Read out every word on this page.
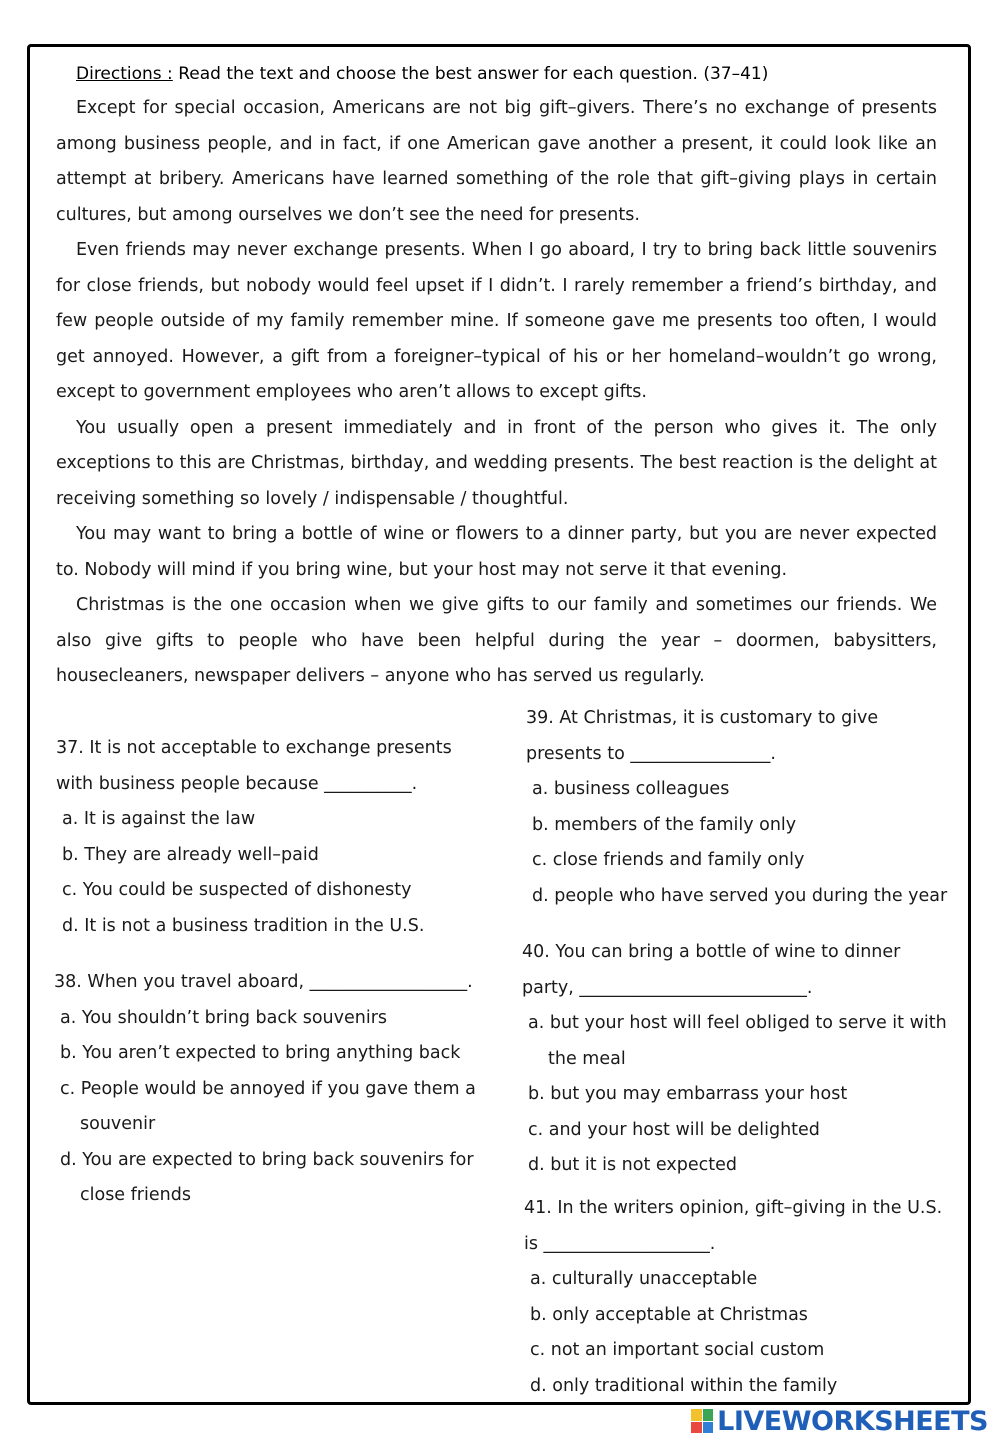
Directions : Read the text and choose the best answer for each question. (37–41)

Except for special occasion, Americans are not big gift–givers. There’s no exchange of presents among business people, and in fact, if one American gave another a present, it could look like an attempt at bribery. Americans have learned something of the role that gift–giving plays in certain cultures, but among ourselves we don’t see the need for presents.

Even friends may never exchange presents. When I go aboard, I try to bring back little souvenirs for close friends, but nobody would feel upset if I didn’t. I rarely remember a friend’s birthday, and few people outside of my family remember mine. If someone gave me presents too often, I would get annoyed. However, a gift from a foreigner–typical of his or her homeland–wouldn’t go wrong, except to government employees who aren’t allows to except gifts.

You usually open a present immediately and in front of the person who gives it. The only exceptions to this are Christmas, birthday, and wedding presents. The best reaction is the delight at receiving something so lovely / indispensable / thoughtful.

You may want to bring a bottle of wine or flowers to a dinner party, but you are never expected to. Nobody will mind if you bring wine, but your host may not serve it that evening.

Christmas is the one occasion when we give gifts to our family and sometimes our friends. We also give gifts to people who have been helpful during the year – doormen, babysitters, housecleaners, newspaper delivers – anyone who has served us regularly.

37. It is not acceptable to exchange presents with business people because __________.

a. It is against the law

b. They are already well–paid

c. You could be suspected of dishonesty

d. It is not a business tradition in the U.S.

38. When you travel aboard, __________________.

a. You shouldn’t bring back souvenirs

b. You aren’t expected to bring anything back

c. People would be annoyed if you gave them a souvenir

d. You are expected to bring back souvenirs for close friends

39. At Christmas, it is customary to give presents to ________________.

a. business colleagues

b. members of the family only

c. close friends and family only

d. people who have served you during the year

40. You can bring a bottle of wine to dinner party, __________________________.

a. but your host will feel obliged to serve it with the meal

b. but you may embarrass your host

c. and your host will be delighted

d. but it is not expected

41. In the writers opinion, gift–giving in the U.S. is ___________________.

a. culturally unacceptable

b. only acceptable at Christmas

c. not an important social custom

d. only traditional within the family

LIVEWORKSHEETS
